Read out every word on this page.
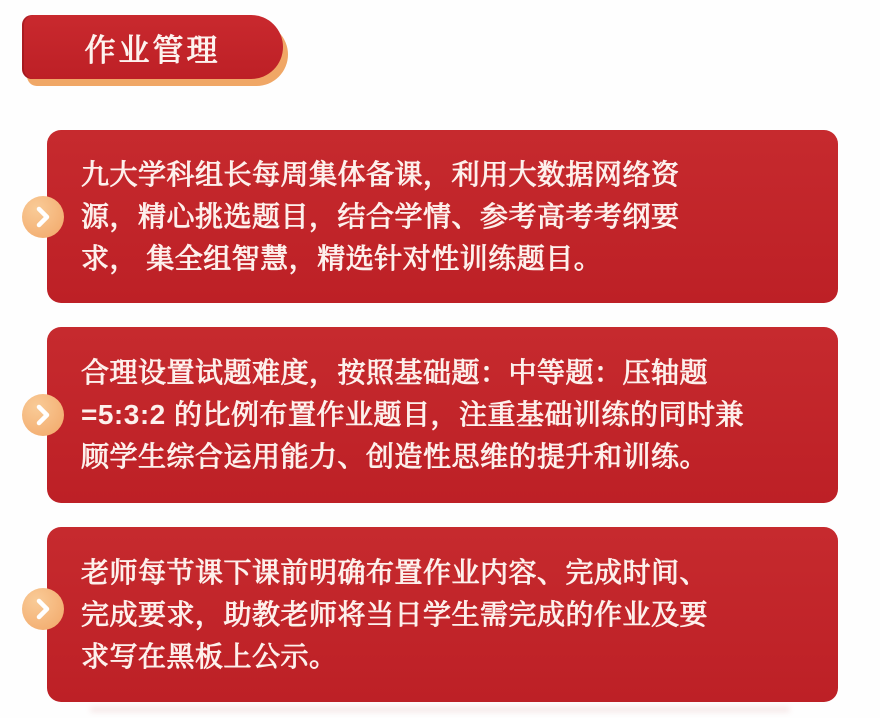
作业管理
九大学科组长每周集体备课，利用大数据网络资
源，精心挑选题目，结合学情、参考高考考纲要
求， 集全组智慧，精选针对性训练题目。
合理设置试题难度，按照基础题：中等题：压轴题
=5:3:2 的比例布置作业题目，注重基础训练的同时兼
顾学生综合运用能力、创造性思维的提升和训练。
老师每节课下课前明确布置作业内容、完成时间、
完成要求，助教老师将当日学生需完成的作业及要
求写在黑板上公示。
